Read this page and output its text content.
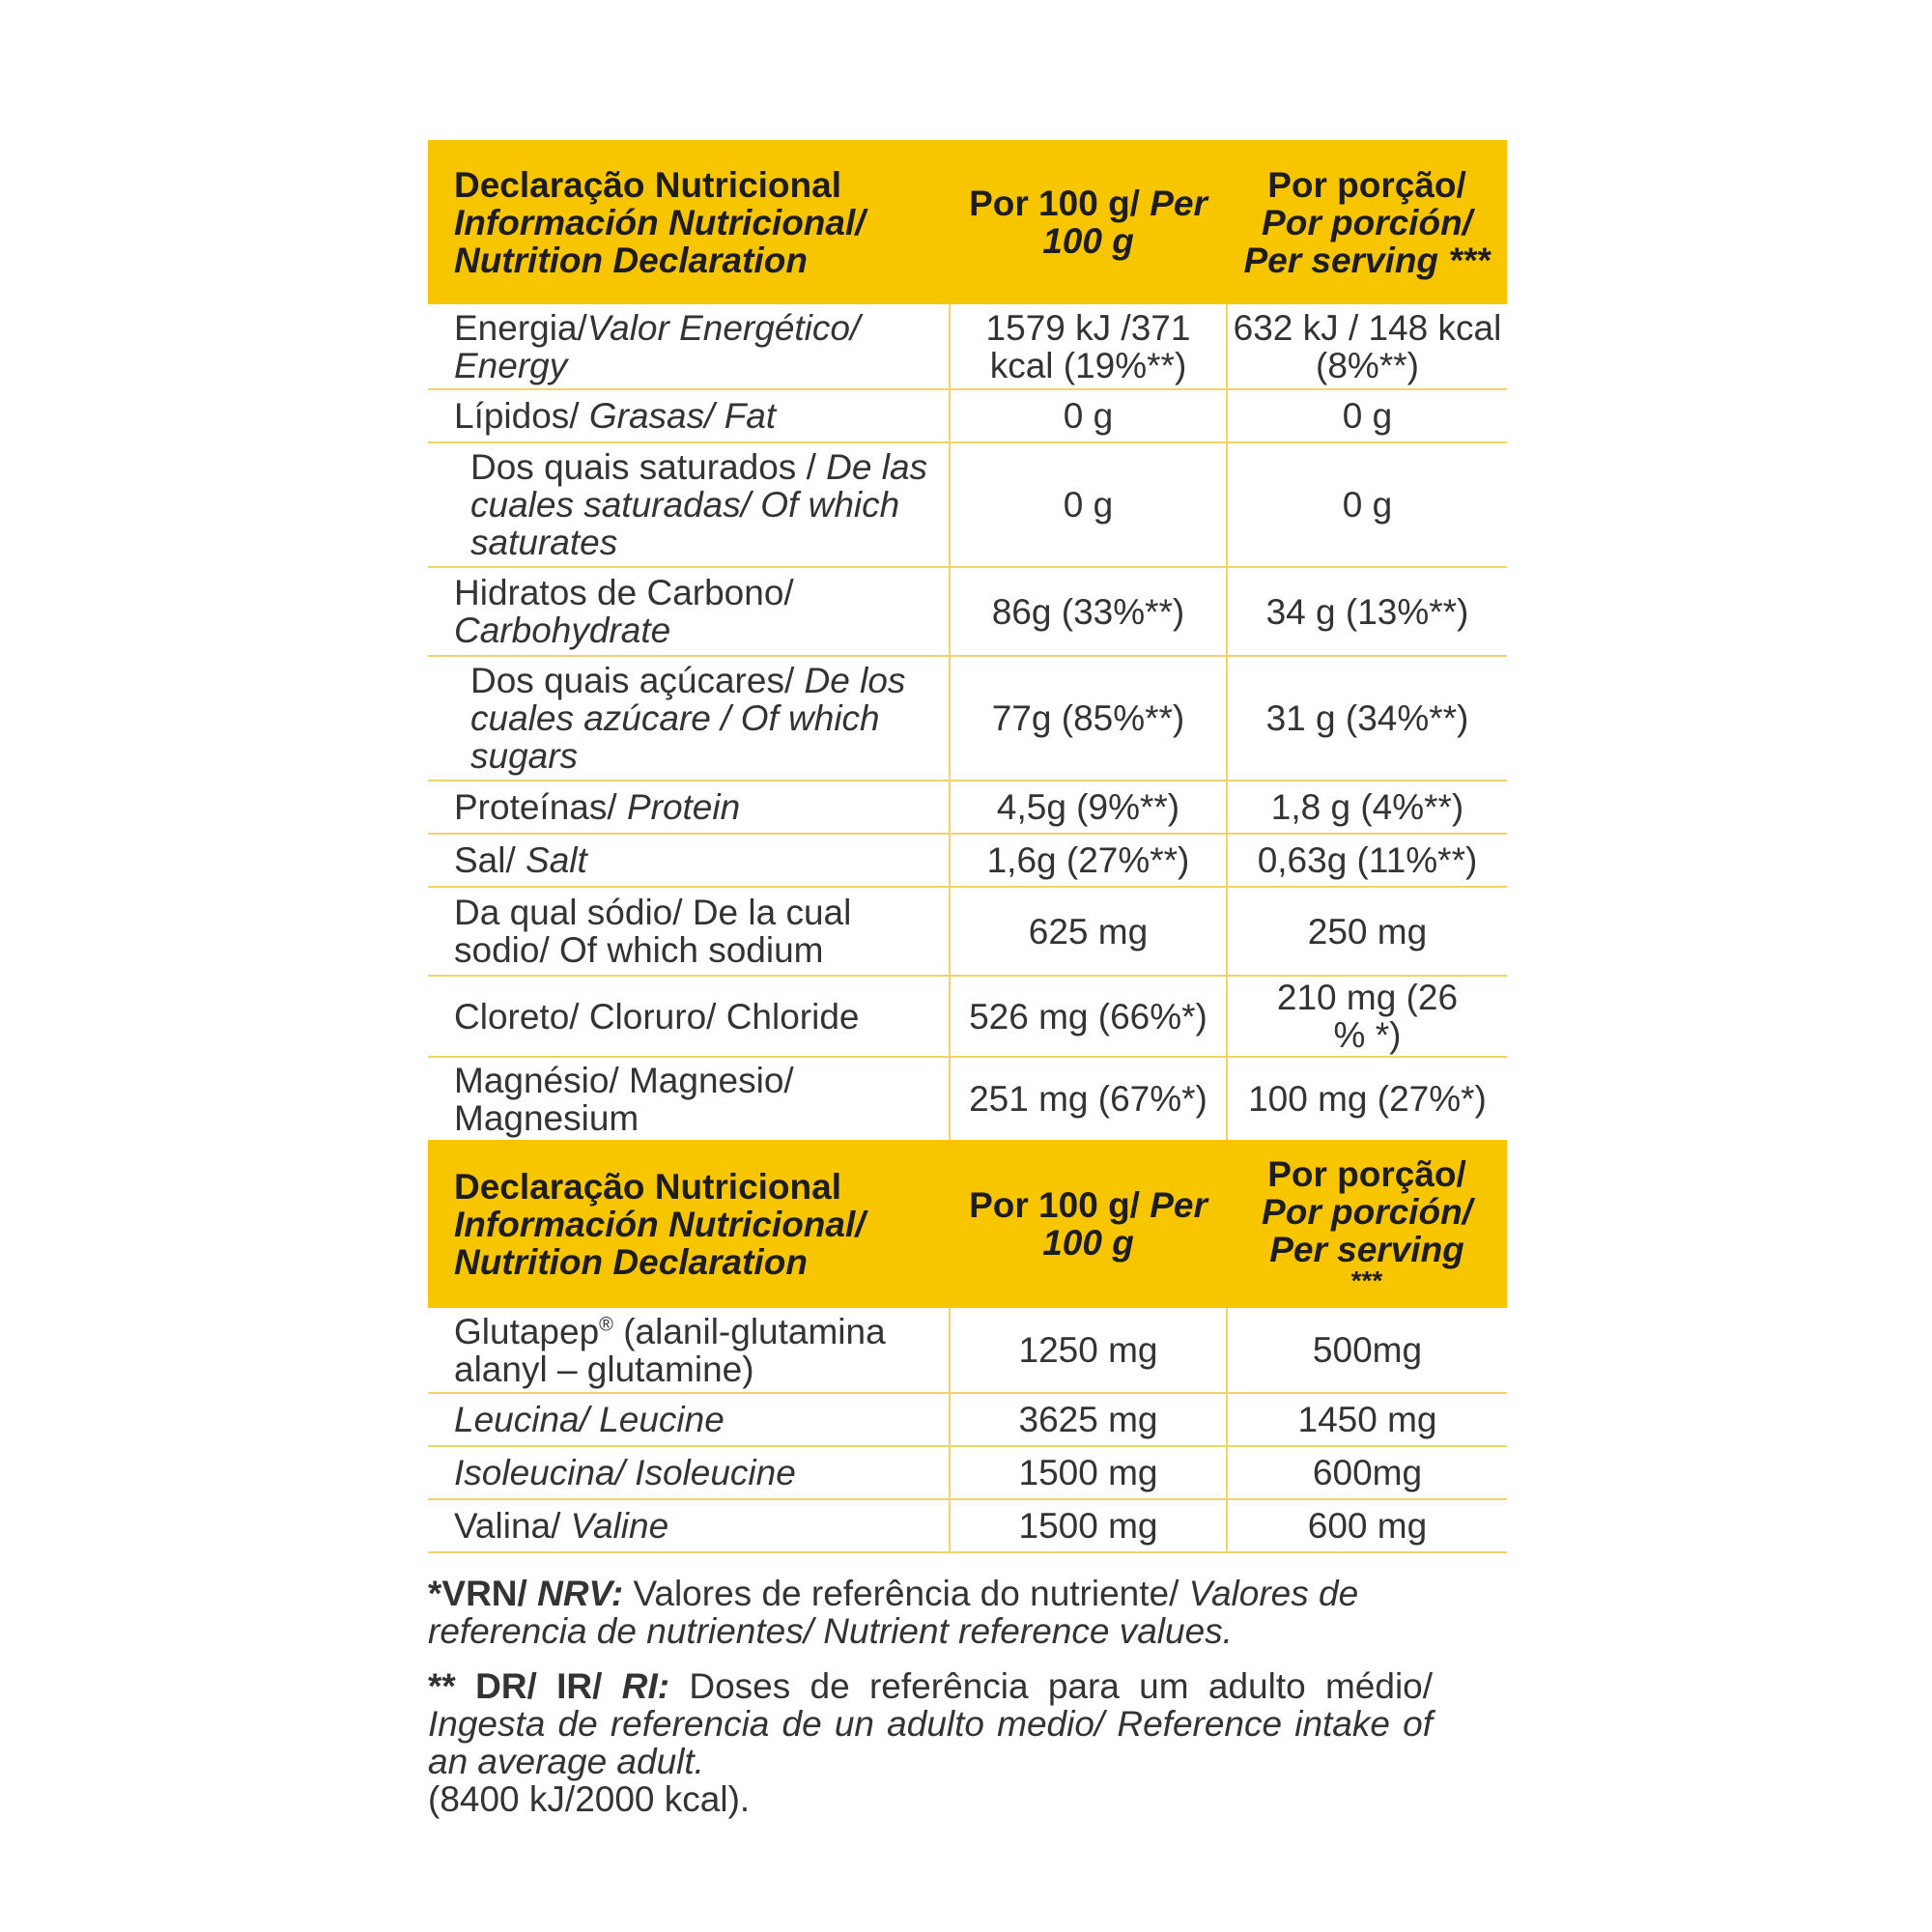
Declaração Nutricional
Información Nutricional/
Nutrition Declaration	Por 100 g/ Per
100 g	Por porção/
Por porción/
Per serving ***
Energia/Valor Energético/ Energy	1579 kJ /371 kcal (19%**)	632 kJ / 148 kcal (8%**)
Lípidos/ Grasas/ Fat	0 g	0 g
Dos quais saturados / De las cuales saturadas/ Of which saturates	0 g	0 g
Hidratos de Carbono/
Carbohydrate	86g (33%**)	34 g (13%**)
Dos quais açúcares/ De los cuales azúcare / Of which sugars	77g (85%**)	31 g (34%**)
Proteínas/ Protein	4,5g (9%**)	1,8 g (4%**)
Sal/ Salt	1,6g (27%**)	0,63g (11%**)
Da qual sódio/ De la cual sodio/ Of which sodium	625 mg	250 mg
Cloreto/ Cloruro/ Chloride	526 mg (66%*)	210 mg (26 % *)
Magnésio/ Magnesio/ Magnesium	251 mg (67%*)	100 mg (27%*)
Declaração Nutricional
Información Nutricional/
Nutrition Declaration	Por 100 g/ Per
100 g	Por porção/
Por porción/
Per serving
***

Glutapep® (alanil-glutamina alanyl – glutamine)	1250 mg	500mg
Leucina/ Leucine	3625 mg	1450 mg
Isoleucina/ Isoleucine	1500 mg	600mg
Valina/ Valine	1500 mg	600 mg

*VRN/ NRV: Valores de referência do nutriente/ Valores de referencia de nutrientes/ Nutrient reference values.

** DR/ IR/ RI: Doses de referência para um adulto médio/ Ingesta de referencia de un adulto medio/ Reference intake of an average adult.

(8400 kJ/2000 kcal).
